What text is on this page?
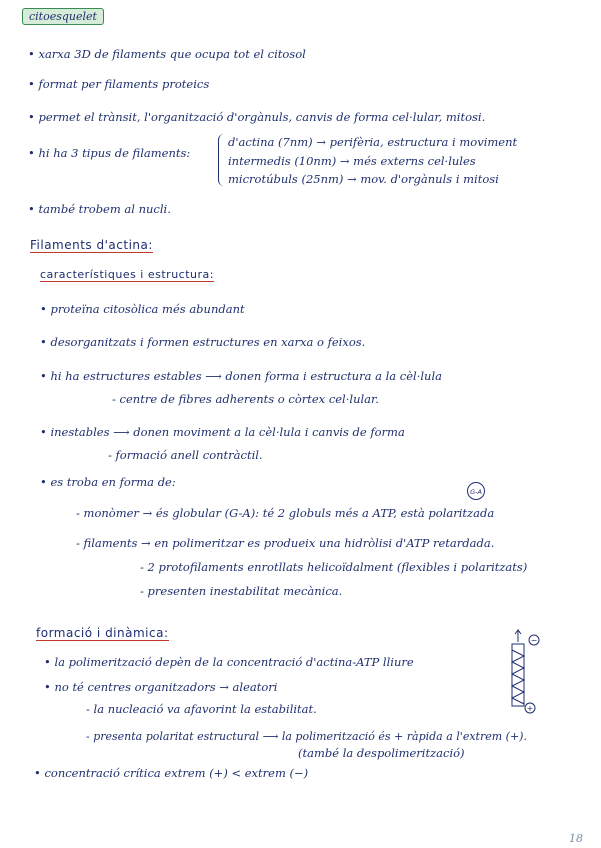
citoesquelet
• xarxa 3D de filaments que ocupa tot el citosol
• format per filaments proteics
• permet el trànsit, l'organització d'orgànuls, canvis de forma cel·lular, mitosi.
• hi ha 3 tipus de filaments:
d'actina (7nm) → perifèria, estructura i moviment
intermedis (10nm) → més externs cel·lules
microtúbuls (25nm) → mov. d'orgànuls i mitosi
• també trobem al nucli.
Filaments d'actina:
característiques i estructura:
• proteïna citosòlica més abundant
• desorganitzats i formen estructures en xarxa o feixos.
• hi ha estructures estables ⟶ donen forma i estructura a la cèl·lula
- centre de fibres adherents o còrtex cel·lular.
• inestables ⟶ donen moviment a la cèl·lula i canvis de forma
- formació anell contràctil.
• es troba en forma de:
G-A
- monòmer → és globular (G-A): té 2 globuls més a ATP, està polaritzada
- filaments → en polimeritzar es produeix una hidròlisi d'ATP retardada.
- 2 protofilaments enrotllats helicoïdalment (flexibles i polaritzats)
- presenten inestabilitat mecànica.
formació i dinàmica:
• la polimerització depèn de la concentració d'actina-ATP lliure
• no té centres organitzadors → aleatori
- la nucleació va afavorint la estabilitat.
- presenta polaritat estructural ⟶ la polimerització és + ràpida a l'extrem (+).
(també la despolimerització)
• concentració crítica extrem (+) < extrem (−)
−
+
18
